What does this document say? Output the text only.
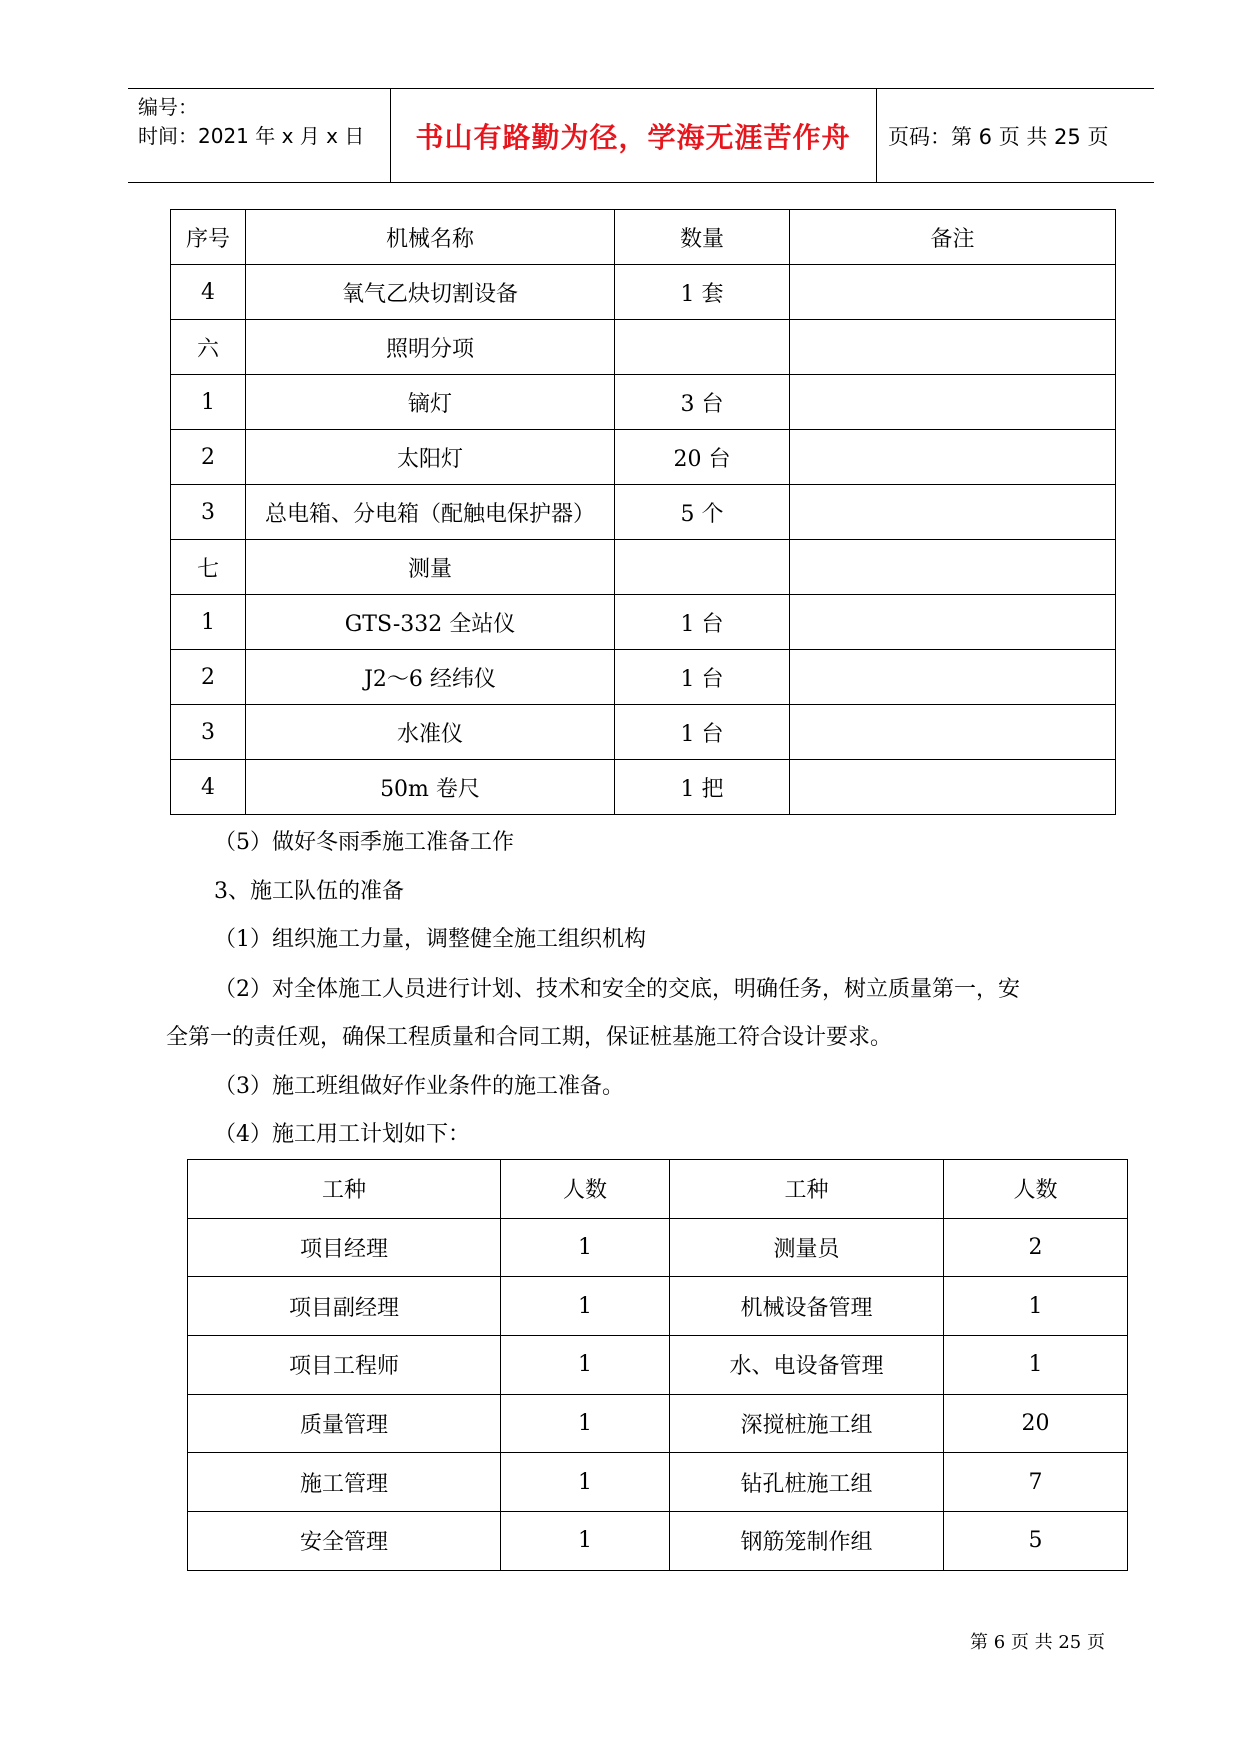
编号：
时间：2021 年 x 月 x 日 书山有路勤为径，学海无涯苦作舟 页码：第 6 页 共 25 页
序号	机械名称	数量	备注
4	氧气乙炔切割设备	1 套	
六	照明分项		
1	镝灯	3 台	
2	太阳灯	20 台	
3	总电箱、分电箱（配触电保护器）	5 个	
七	测量		
1	GTS-332 全站仪	1 台	
2	J2～6 经纬仪	1 台	
3	水准仪	1 台	
4	50m 卷尺	1 把	
（5）做好冬雨季施工准备工作
3、施工队伍的准备
（1）组织施工力量，调整健全施工组织机构
（2）对全体施工人员进行计划、技术和安全的交底，明确任务，树立质量第一，安
全第一的责任观，确保工程质量和合同工期，保证桩基施工符合设计要求。
（3）施工班组做好作业条件的施工准备。
（4）施工用工计划如下：
工种	人数	工种	人数
项目经理	1	测量员	2
项目副经理	1	机械设备管理	1
项目工程师	1	水、电设备管理	1
质量管理	1	深搅桩施工组	20
施工管理	1	钻孔桩施工组	7
安全管理	1	钢筋笼制作组	5
第 6 页 共 25 页
